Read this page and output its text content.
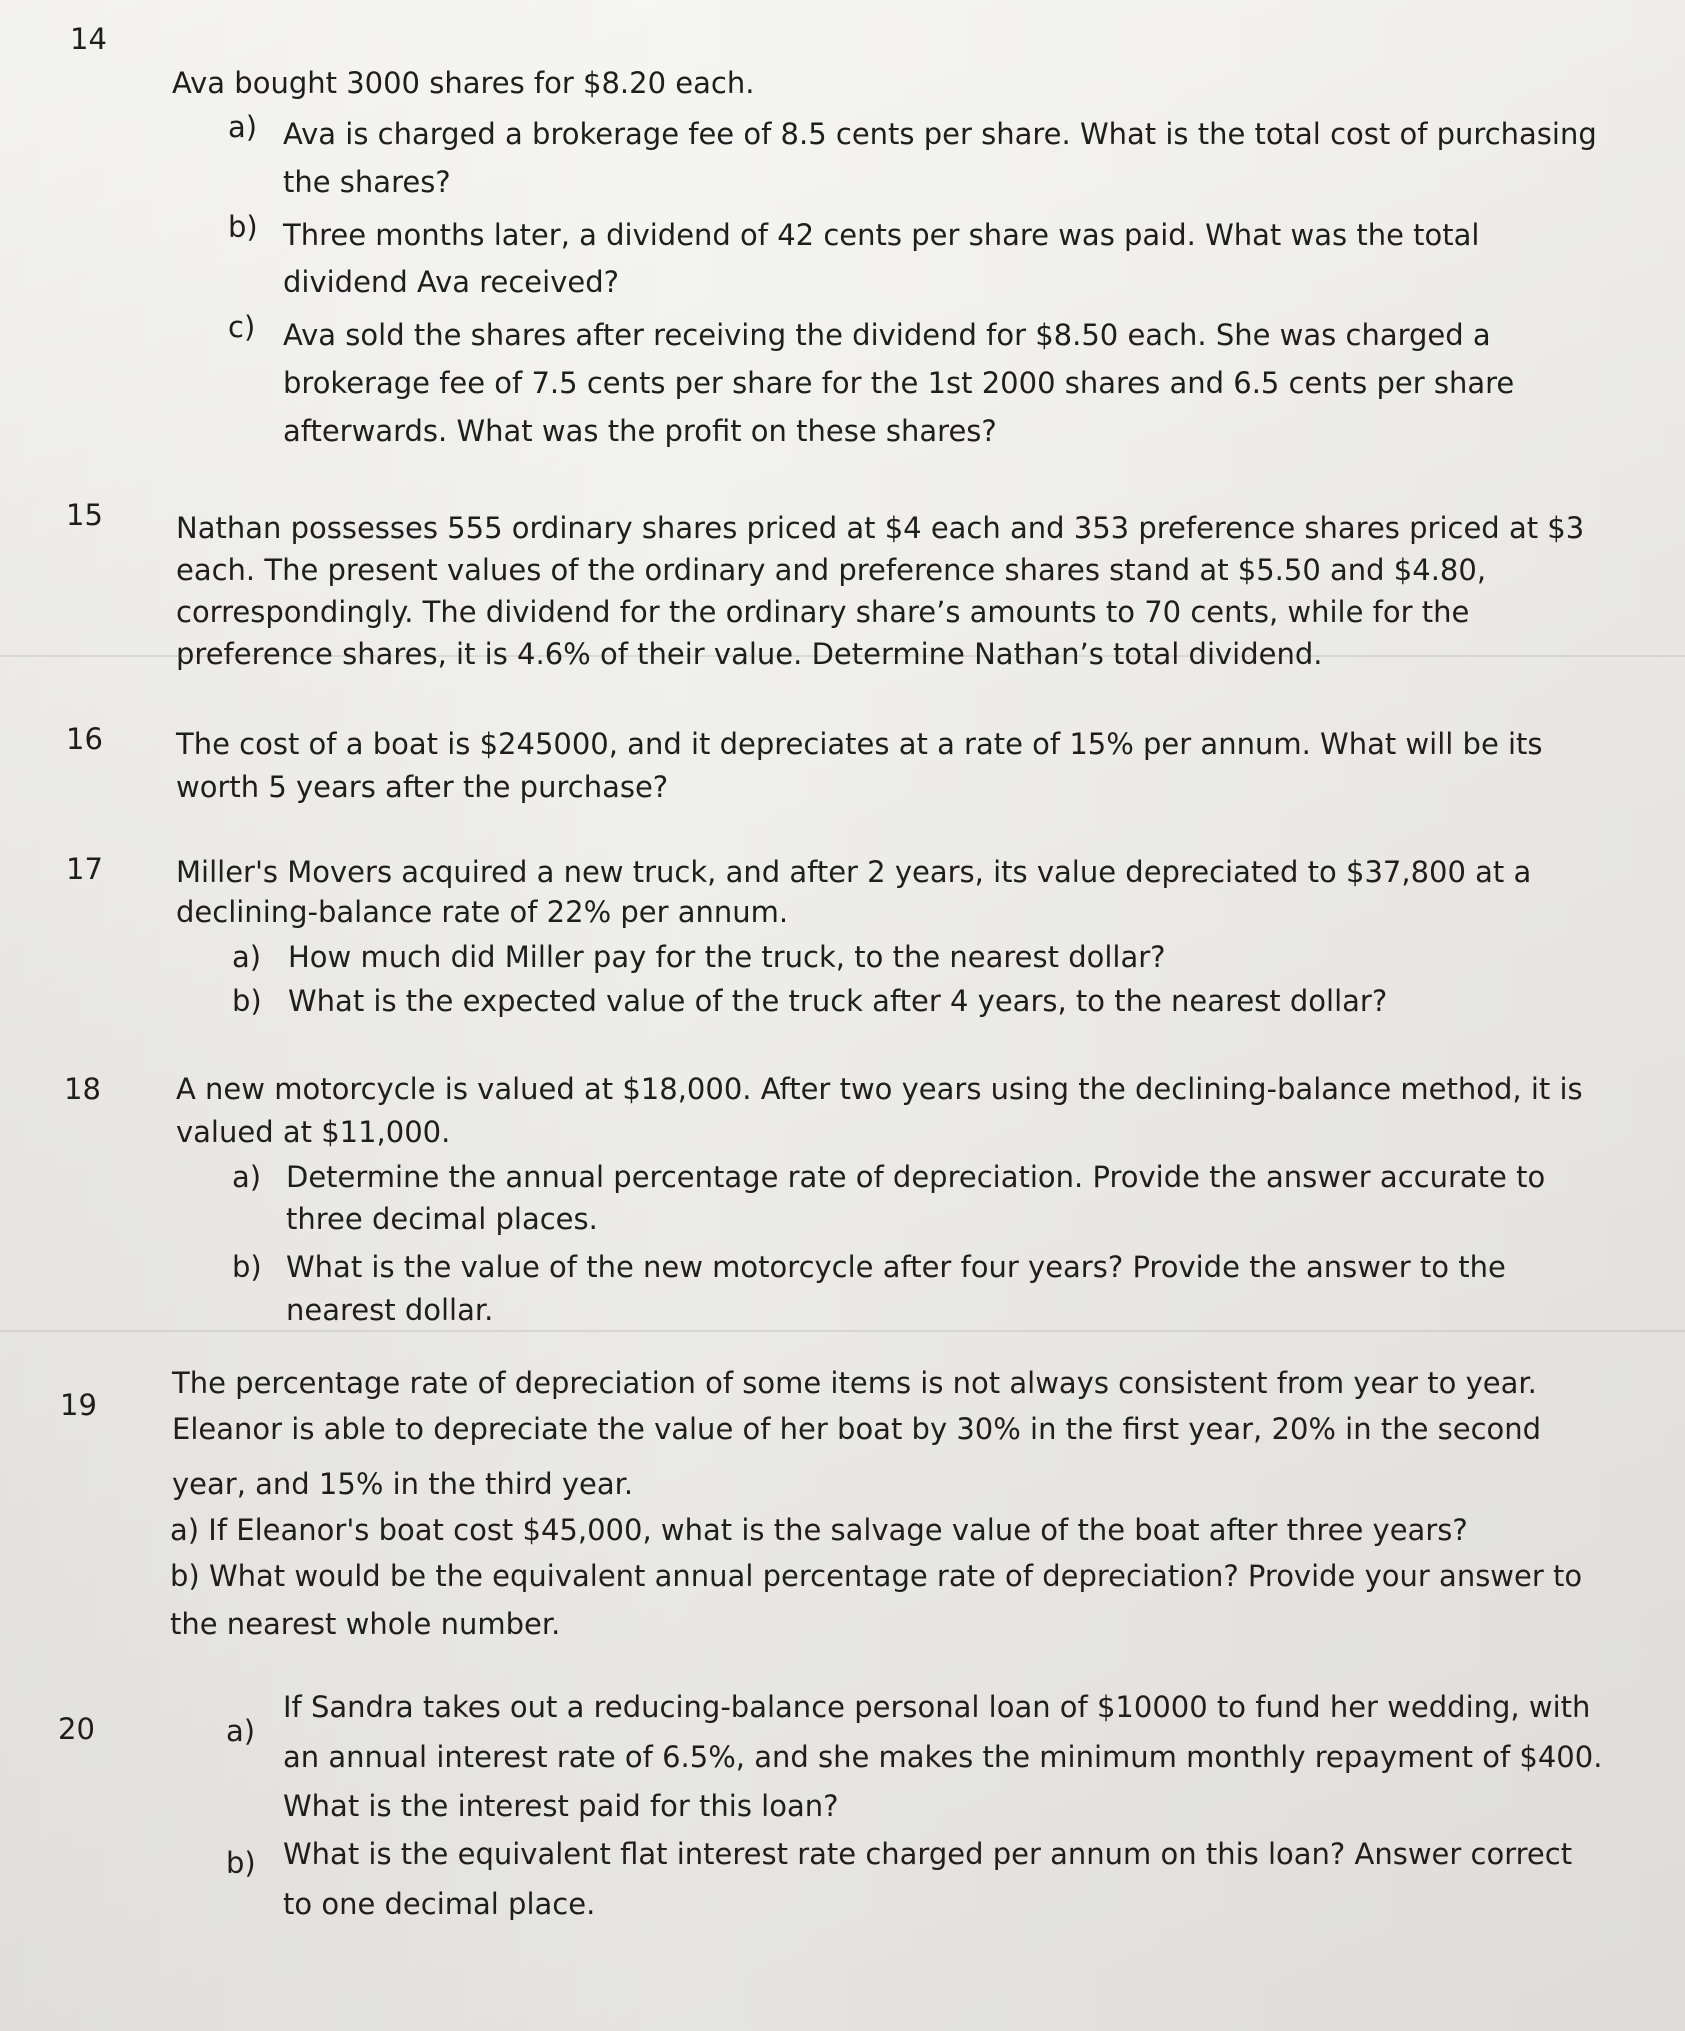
14
Ava bought 3000 shares for $8.20 each.
a) Ava is charged a brokerage fee of 8.5 cents per share. What is the total cost of purchasing
the shares?
b) Three months later, a dividend of 42 cents per share was paid. What was the total
dividend Ava received?
c) Ava sold the shares after receiving the dividend for $8.50 each. She was charged a
brokerage fee of 7.5 cents per share for the 1st 2000 shares and 6.5 cents per share
afterwards. What was the profit on these shares?
15	Nathan possesses 555 ordinary shares priced at $4 each and 353 preference shares priced at $3
each. The present values of the ordinary and preference shares stand at $5.50 and $4.80,
correspondingly. The dividend for the ordinary share’s amounts to 70 cents, while for the
preference shares, it is 4.6% of their value. Determine Nathan’s total dividend.
16	The cost of a boat is $245000, and it depreciates at a rate of 15% per annum. What will be its
worth 5 years after the purchase?
17	Miller's Movers acquired a new truck, and after 2 years, its value depreciated to $37,800 at a
declining-balance rate of 22% per annum.
a) How much did Miller pay for the truck, to the nearest dollar?
b) What is the expected value of the truck after 4 years, to the nearest dollar?
18	A new motorcycle is valued at $18,000. After two years using the declining-balance method, it is
valued at $11,000.
a) Determine the annual percentage rate of depreciation. Provide the answer accurate to
three decimal places.
b) What is the value of the new motorcycle after four years? Provide the answer to the
nearest dollar.
19
The percentage rate of depreciation of some items is not always consistent from year to year.
Eleanor is able to depreciate the value of her boat by 30% in the first year, 20% in the second
year, and 15% in the third year.
a) If Eleanor's boat cost $45,000, what is the salvage value of the boat after three years?
b) What would be the equivalent annual percentage rate of depreciation? Provide your answer to
the nearest whole number.
20	a)
If Sandra takes out a reducing-balance personal loan of $10000 to fund her wedding, with
an annual interest rate of 6.5%, and she makes the minimum monthly repayment of $400.
What is the interest paid for this loan?
b) What is the equivalent flat interest rate charged per annum on this loan? Answer correct
to one decimal place.
